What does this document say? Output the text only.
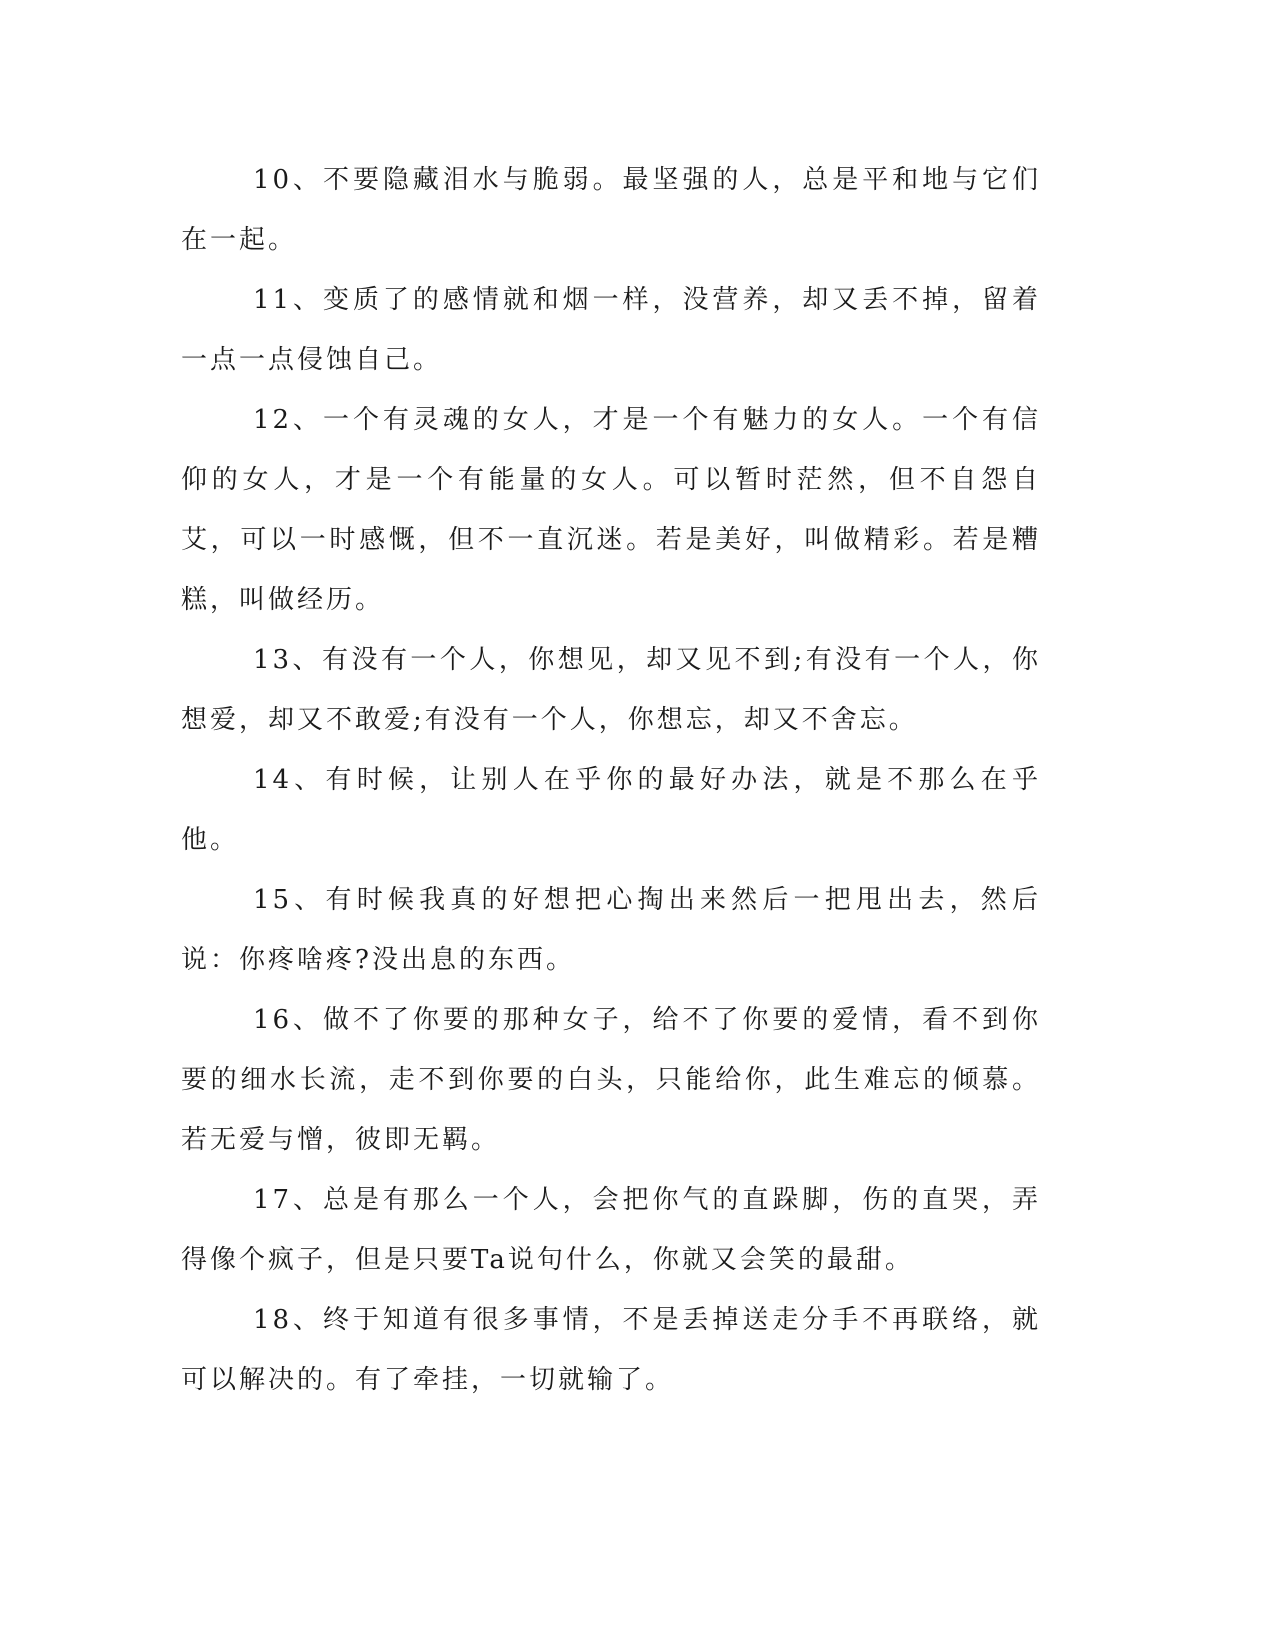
10、不要隐藏泪水与脆弱。最坚强的人，总是平和地与它们在一起。

11、变质了的感情就和烟一样，没营养，却又丢不掉，留着一点一点侵蚀自己。

12、一个有灵魂的女人，才是一个有魅力的女人。一个有信仰的女人，才是一个有能量的女人。可以暂时茫然，但不自怨自艾，可以一时感慨，但不一直沉迷。若是美好，叫做精彩。若是糟糕，叫做经历。

13、有没有一个人，你想见，却又见不到;有没有一个人，你想爱，却又不敢爱;有没有一个人，你想忘，却又不舍忘。

14、有时候，让别人在乎你的最好办法，就是不那么在乎他。

15、有时候我真的好想把心掏出来然后一把甩出去，然后说：你疼啥疼?没出息的东西。

16、做不了你要的那种女子，给不了你要的爱情，看不到你要的细水长流，走不到你要的白头，只能给你，此生难忘的倾慕。若无爱与憎，彼即无羁。

17、总是有那么一个人，会把你气的直跺脚，伤的直哭，弄得像个疯子，但是只要Ta说句什么，你就又会笑的最甜。

18、终于知道有很多事情，不是丢掉送走分手不再联络，就可以解决的。有了牵挂，一切就输了。
